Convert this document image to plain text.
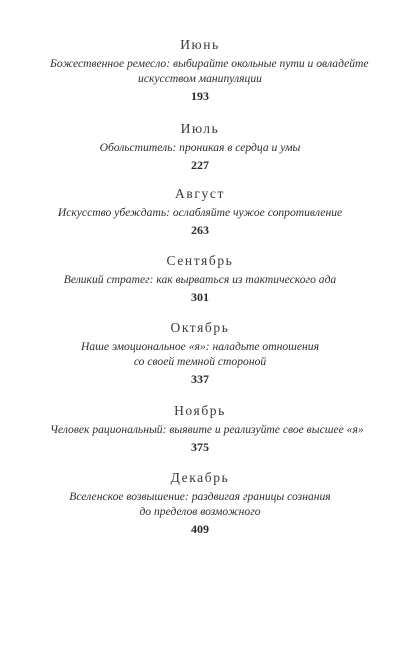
Июнь
Божественное ремесло: выбирайте окольные пути и овладейте
искусством манипуляции
193
Июль
Обольститель: проникая в сердца и умы
227
Август
Искусство убеждать: ослабляйте чужое сопротивление
263
Сентябрь
Великий стратег: как вырваться из тактического ада
301
Октябрь
Наше эмоциональное «я»: наладьте отношения
со своей темной стороной
337
Ноябрь
Человек рациональный: выявите и реализуйте свое высшее «я»
375
Декабрь
Вселенское возвышение: раздвигая границы сознания
до пределов возможного
409
